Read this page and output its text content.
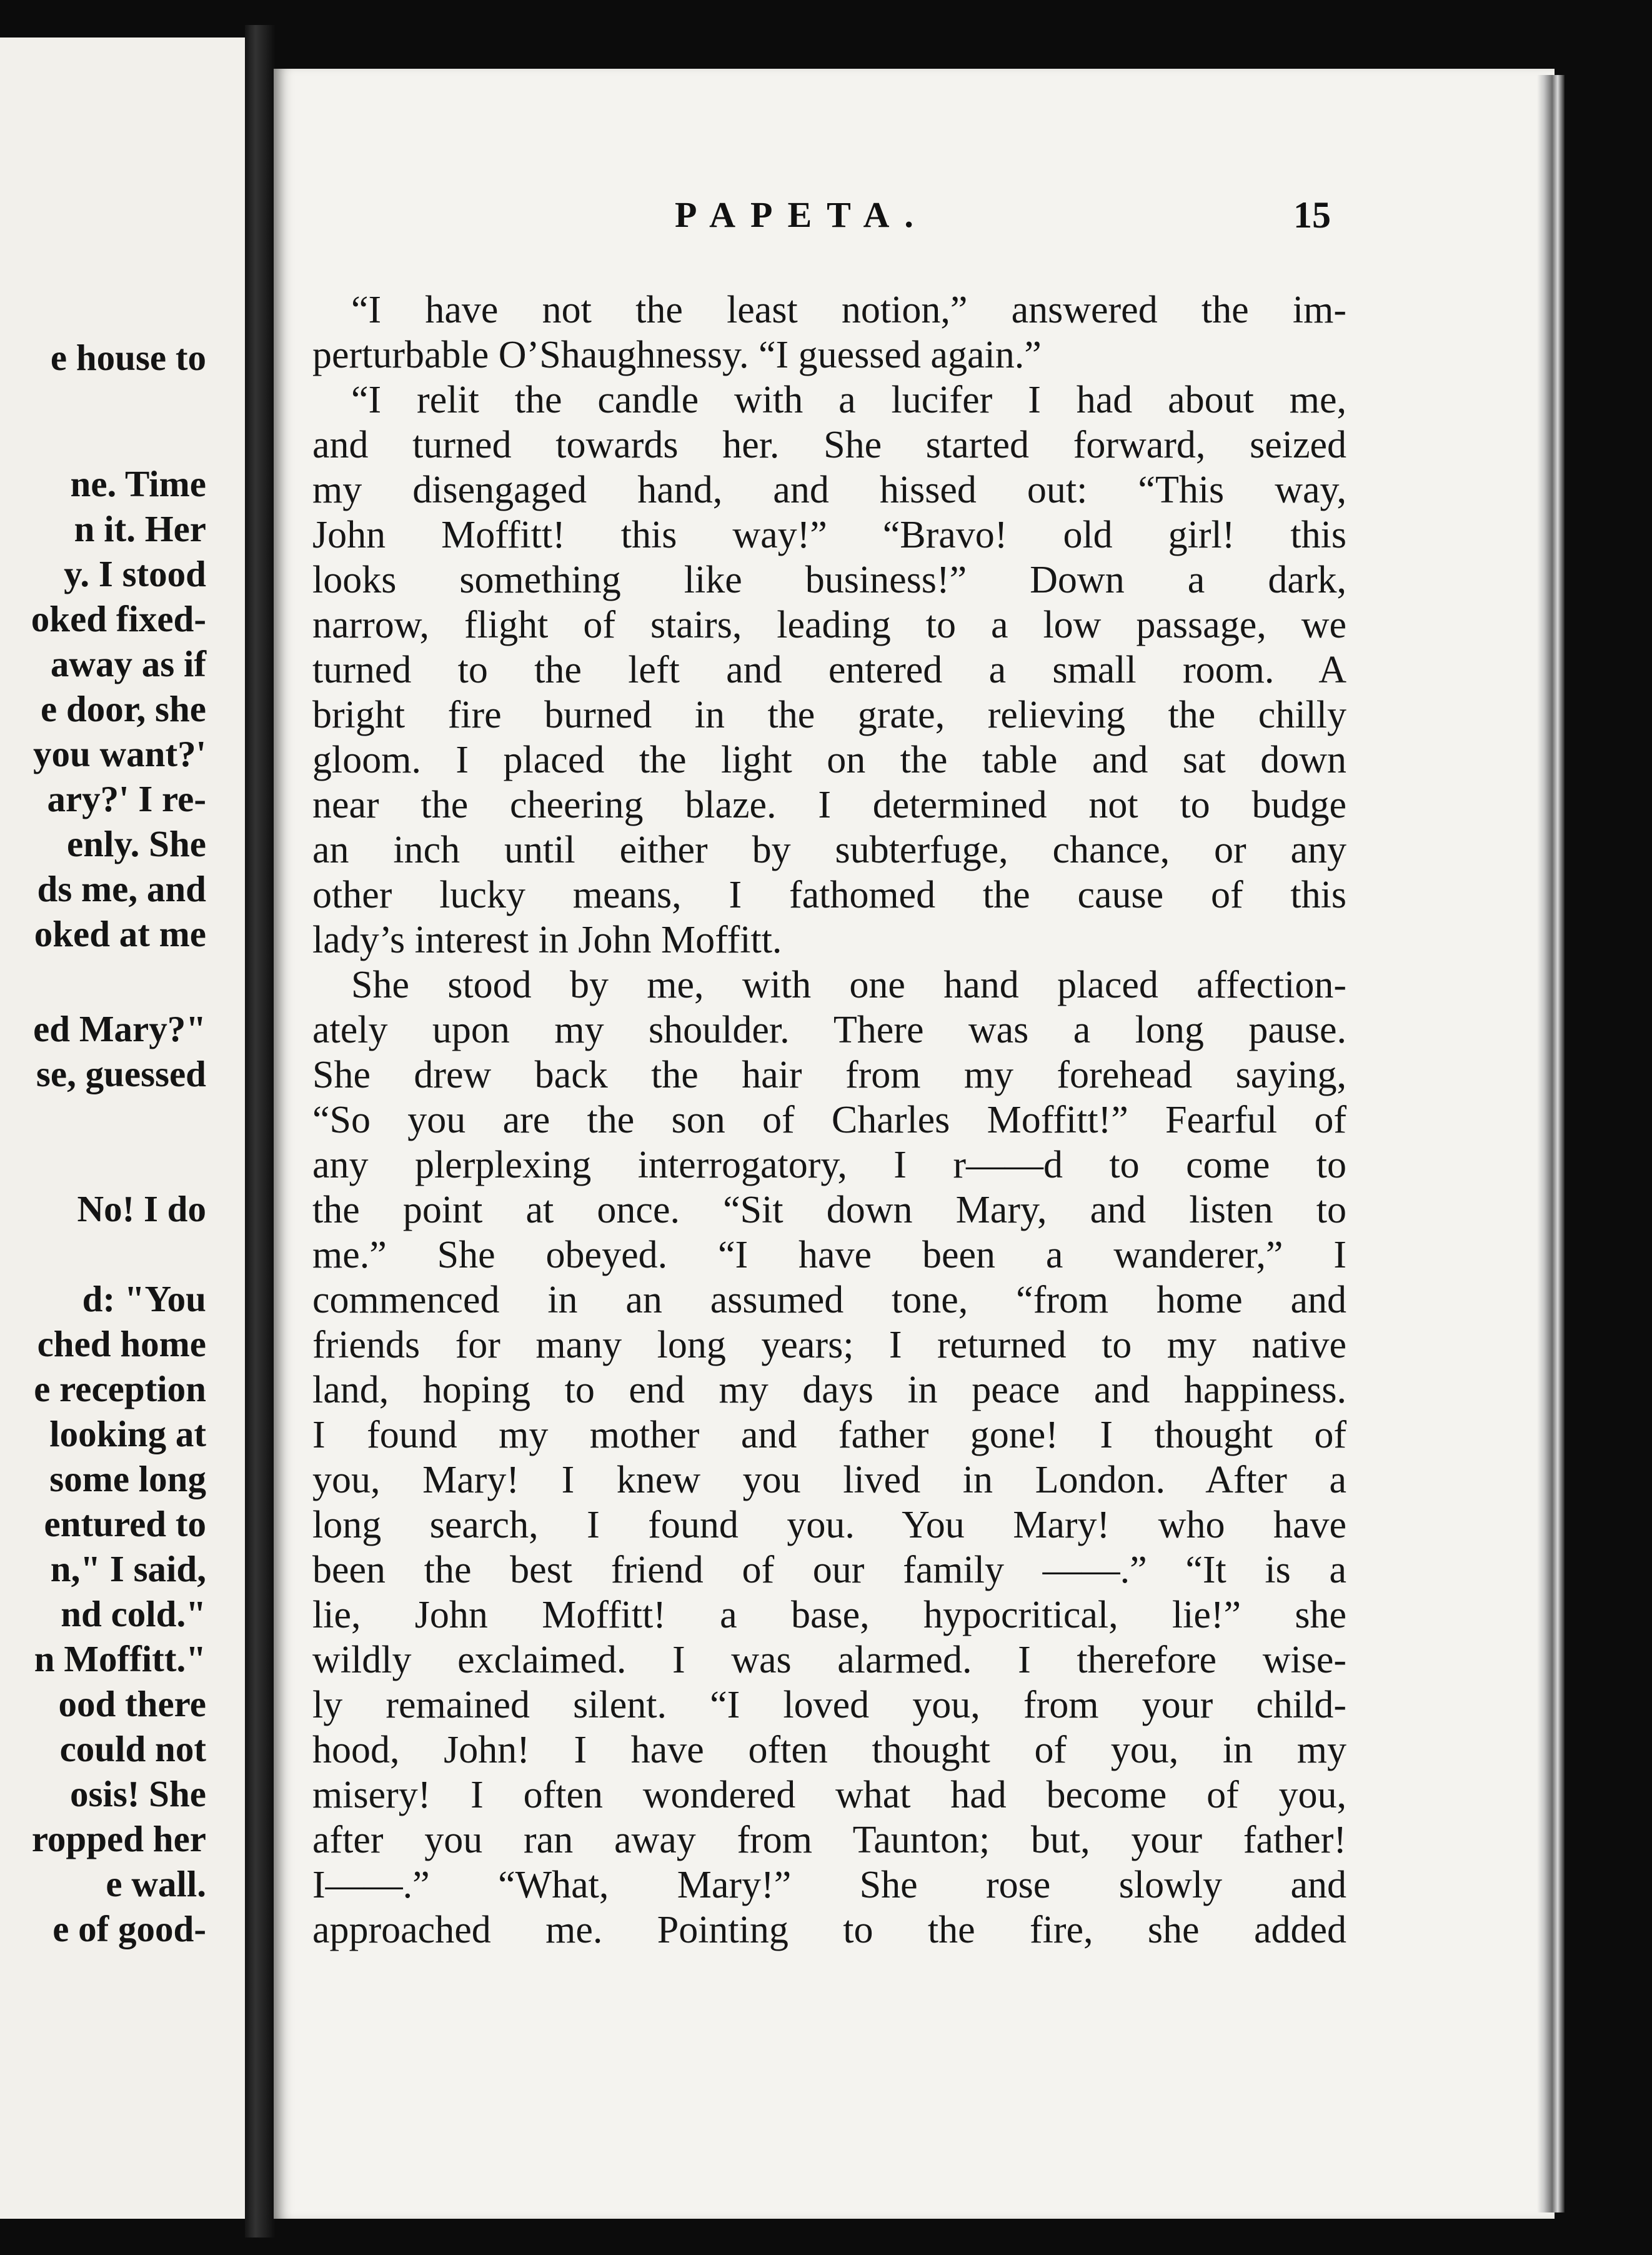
e house to

ne. Time

n it. Her

y. I stood

oked fixed-

away as if

e door, she

you want?'

ary?' I re-

enly. She

ds me, and

oked at me

ed Mary?"

se, guessed

No! I do

d: "You

ched home

e reception

looking at

some long

entured to

n," I said,

nd cold."

n Moffitt."

ood there

could not

osis! She

ropped her

e wall.

e of good-

PAPETA.	15

“I have not the least notion,” answered the im-

perturbable O’Shaughnessy. “I guessed again.”

“I relit the candle with a lucifer I had about me,

and turned towards her. She started forward, seized

my disengaged hand, and hissed out: “This way,

John Moffitt! this way!” “Bravo! old girl! this

looks something like business!” Down a dark,

narrow, flight of stairs, leading to a low passage, we

turned to the left and entered a small room. A

bright fire burned in the grate, relieving the chilly

gloom. I placed the light on the table and sat down

near the cheering blaze. I determined not to budge

an inch until either by subterfuge, chance, or any

other lucky means, I fathomed the cause of this

lady’s interest in John Moffitt.

She stood by me, with one hand placed affection-

ately upon my shoulder. There was a long pause.

She drew back the hair from my forehead saying,

“So you are the son of Charles Moffitt!” Fearful of

any plerplexing interrogatory, I r——d to come to

the point at once. “Sit down Mary, and listen to

me.” She obeyed. “I have been a wanderer,” I

commenced in an assumed tone, “from home and

friends for many long years; I returned to my native

land, hoping to end my days in peace and happiness.

I found my mother and father gone! I thought of

you, Mary! I knew you lived in London. After a

long search, I found you. You Mary! who have

been the best friend of our family ——.” “It is a

lie, John Moffitt! a base, hypocritical, lie!” she

wildly exclaimed. I was alarmed. I therefore wise-

ly remained silent. “I loved you, from your child-

hood, John! I have often thought of you, in my

misery! I often wondered what had become of you,

after you ran away from Taunton; but, your father!

I——.” “What, Mary!” She rose slowly and

approached me. Pointing to the fire, she added
